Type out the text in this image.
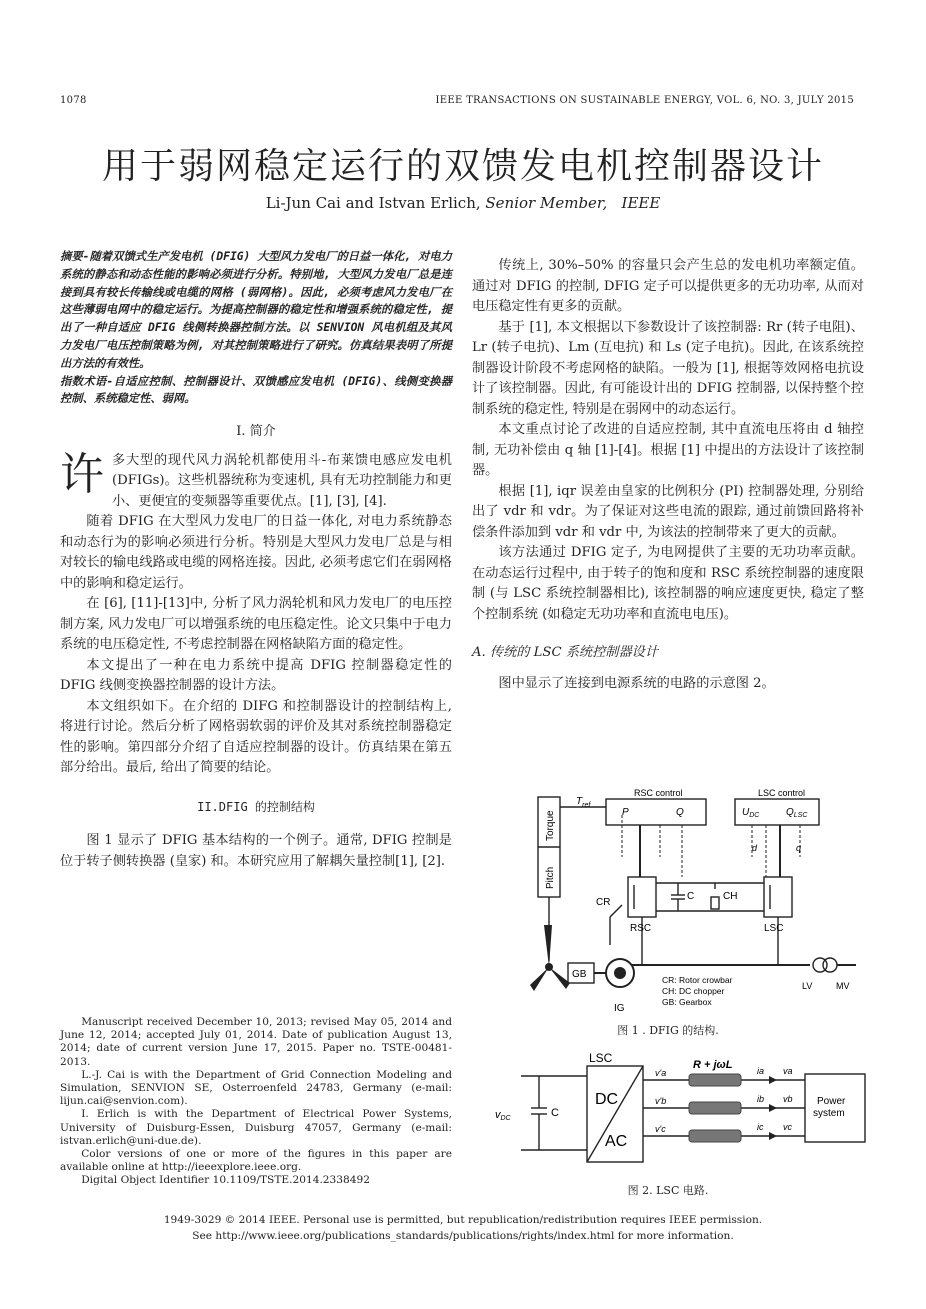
1078	IEEE TRANSACTIONS ON SUSTAINABLE ENERGY, VOL. 6, NO. 3, JULY 2015
用于弱网稳定运行的双馈发电机控制器设计
Li-Jun Cai and Istvan Erlich, Senior Member, IEEE

摘要-随着双馈式生产发电机 (DFIG) 大型风力发电厂的日益一体化, 对电力系统的静态和动态性能的影响必须进行分析。特别地, 大型风力发电厂总是连接到具有较长传输线或电缆的网格 (弱网格)。因此, 必须考虑风力发电厂在这些薄弱电网中的稳定运行。为提高控制器的稳定性和增强系统的稳定性, 提出了一种自适应 DFIG 线侧转换器控制方法。以 SENVION 风电机组及其风力发电厂电压控制策略为例, 对其控制策略进行了研究。仿真结果表明了所提出方法的有效性。

指数术语-自适应控制、控制器设计、双馈感应发电机 (DFIG)、线侧变换器控制、系统稳定性、弱网。

I. 简介

许多大型的现代风力涡轮机都使用斗-布莱馈电感应发电机 (DFIGs)。这些机器统称为变速机, 具有无功控制能力和更小、更便宜的变频器等重要优点。[1], [3], [4].

随着 DFIG 在大型风力发电厂的日益一体化, 对电力系统静态和动态行为的影响必须进行分析。特别是大型风力发电厂总是与相对较长的输电线路或电缆的网格连接。因此, 必须考虑它们在弱网格中的影响和稳定运行。

在 [6], [11]-[13]中, 分析了风力涡轮机和风力发电厂的电压控制方案, 风力发电厂可以增强系统的电压稳定性。论文只集中于电力系统的电压稳定性, 不考虑控制器在网格缺陷方面的稳定性。

本文提出了一种在电力系统中提高 DFIG 控制器稳定性的 DFIG 线侧变换器控制器的设计方法。

本文组织如下。在介绍的 DIFG 和控制器设计的控制结构上, 将进行讨论。然后分析了网格弱软弱的评价及其对系统控制器稳定性的影响。第四部分介绍了自适应控制器的设计。仿真结果在第五部分给出。最后, 给出了简要的结论。

II.DFIG 的控制结构

图 1 显示了 DFIG 基本结构的一个例子。通常, DFIG 控制是位于转子侧转换器 (皇家) 和。本研究应用了解耦矢量控制[1], [2].

Manuscript received December 10, 2013; revised May 05, 2014 and June 12, 2014; accepted July 01, 2014. Date of publication August 13, 2014; date of current version June 17, 2015. Paper no. TSTE-00481-2013.

L.-J. Cai is with the Department of Grid Connection Modeling and Simulation, SENVION SE, Osterroenfeld 24783, Germany (e-mail: lijun.cai@senvion.com).

I. Erlich is with the Department of Electrical Power Systems, University of Duisburg-Essen, Duisburg 47057, Germany (e-mail: istvan.erlich@uni-due.de).

Color versions of one or more of the figures in this paper are available online at http://ieeexplore.ieee.org.

Digital Object Identifier 10.1109/TSTE.2014.2338492

传统上, 30%–50% 的容量只会产生总的发电机功率额定值。通过对 DFIG 的控制, DFIG 定子可以提供更多的无功功率, 从而对电压稳定性有更多的贡献。

基于 [1], 本文根据以下参数设计了该控制器: Rr (转子电阻)、Lr (转子电抗)、Lm (互电抗) 和 Ls (定子电抗)。因此, 在该系统控制器设计阶段不考虑网格的缺陷。一般为 [1], 根据等效网格电抗设计了该控制器。因此, 有可能设计出的 DFIG 控制器, 以保持整个控制系统的稳定性, 特别是在弱网中的动态运行。

本文重点讨论了改进的自适应控制, 其中直流电压将由 d 轴控制, 无功补偿由 q 轴 [1]-[4]。根据 [1] 中提出的方法设计了该控制器。

根据 [1], iqr 误差由皇家的比例积分 (PI) 控制器处理, 分别给出了 vdr 和 vdr。为了保证对这些电流的跟踪, 通过前馈回路将补偿条件添加到 vdr 和 vdr 中, 为该法的控制带来了更大的贡献。

该方法通过 DFIG 定子, 为电网提供了主要的无功功率贡献。在动态运行过程中, 由于转子的饱和度和 RSC 系统控制器的速度限制 (与 LSC 系统控制器相比), 该控制器的响应速度更快, 稳定了整个控制系统 (如稳定无功功率和直流电电压)。

A. 传统的 LSC 系统控制器设计

图中显示了连接到电源系统的电路的示意图 2。

$T_{ref}$
RSC control	LSC control
P	Q	$U_{DC}$	$Q_{LSC}$
d	q
Torque
Pitch
CR
C	CH
RSC	LSC
GB
IG
CR: Rotor crowbar
CH: DC chopper
GB: Gearbox
LV	MV
图 1 . DFIG 的结构.
LSC
DC
AC
vDC	C
R + jωL
v'a
v'b
v'c
ia
ib
ic
va
vb
vc
Power
system
图 2. LSC 电路.
1949-3029 © 2014 IEEE. Personal use is permitted, but republication/redistribution requires IEEE permission.
See http://www.ieee.org/publications_standards/publications/rights/index.html for more information.
